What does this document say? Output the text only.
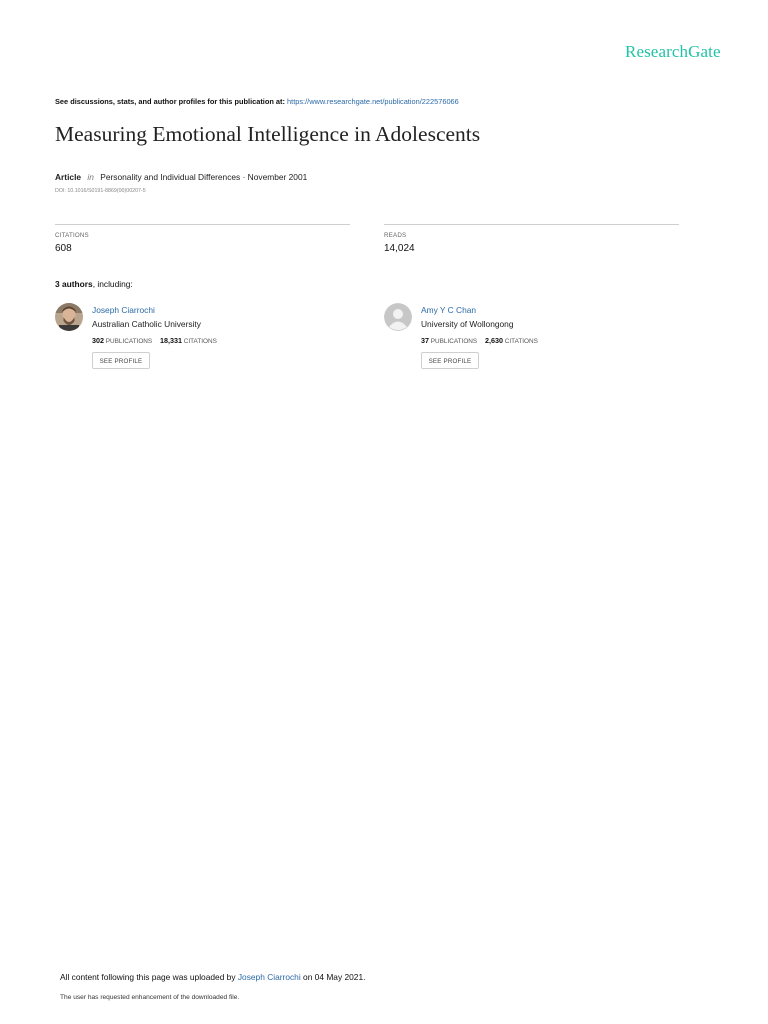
ResearchGate
See discussions, stats, and author profiles for this publication at: https://www.researchgate.net/publication/222576066
Measuring Emotional Intelligence in Adolescents
Article in Personality and Individual Differences · November 2001
DOI: 10.1016/S0191-8869(00)00207-5
CITATIONS
608
READS
14,024
3 authors, including:
Joseph Ciarrochi
Australian Catholic University
302 PUBLICATIONS 18,331 CITATIONS
SEE PROFILE
Amy Y C Chan
University of Wollongong
37 PUBLICATIONS 2,630 CITATIONS
SEE PROFILE
All content following this page was uploaded by Joseph Ciarrochi on 04 May 2021.
The user has requested enhancement of the downloaded file.
